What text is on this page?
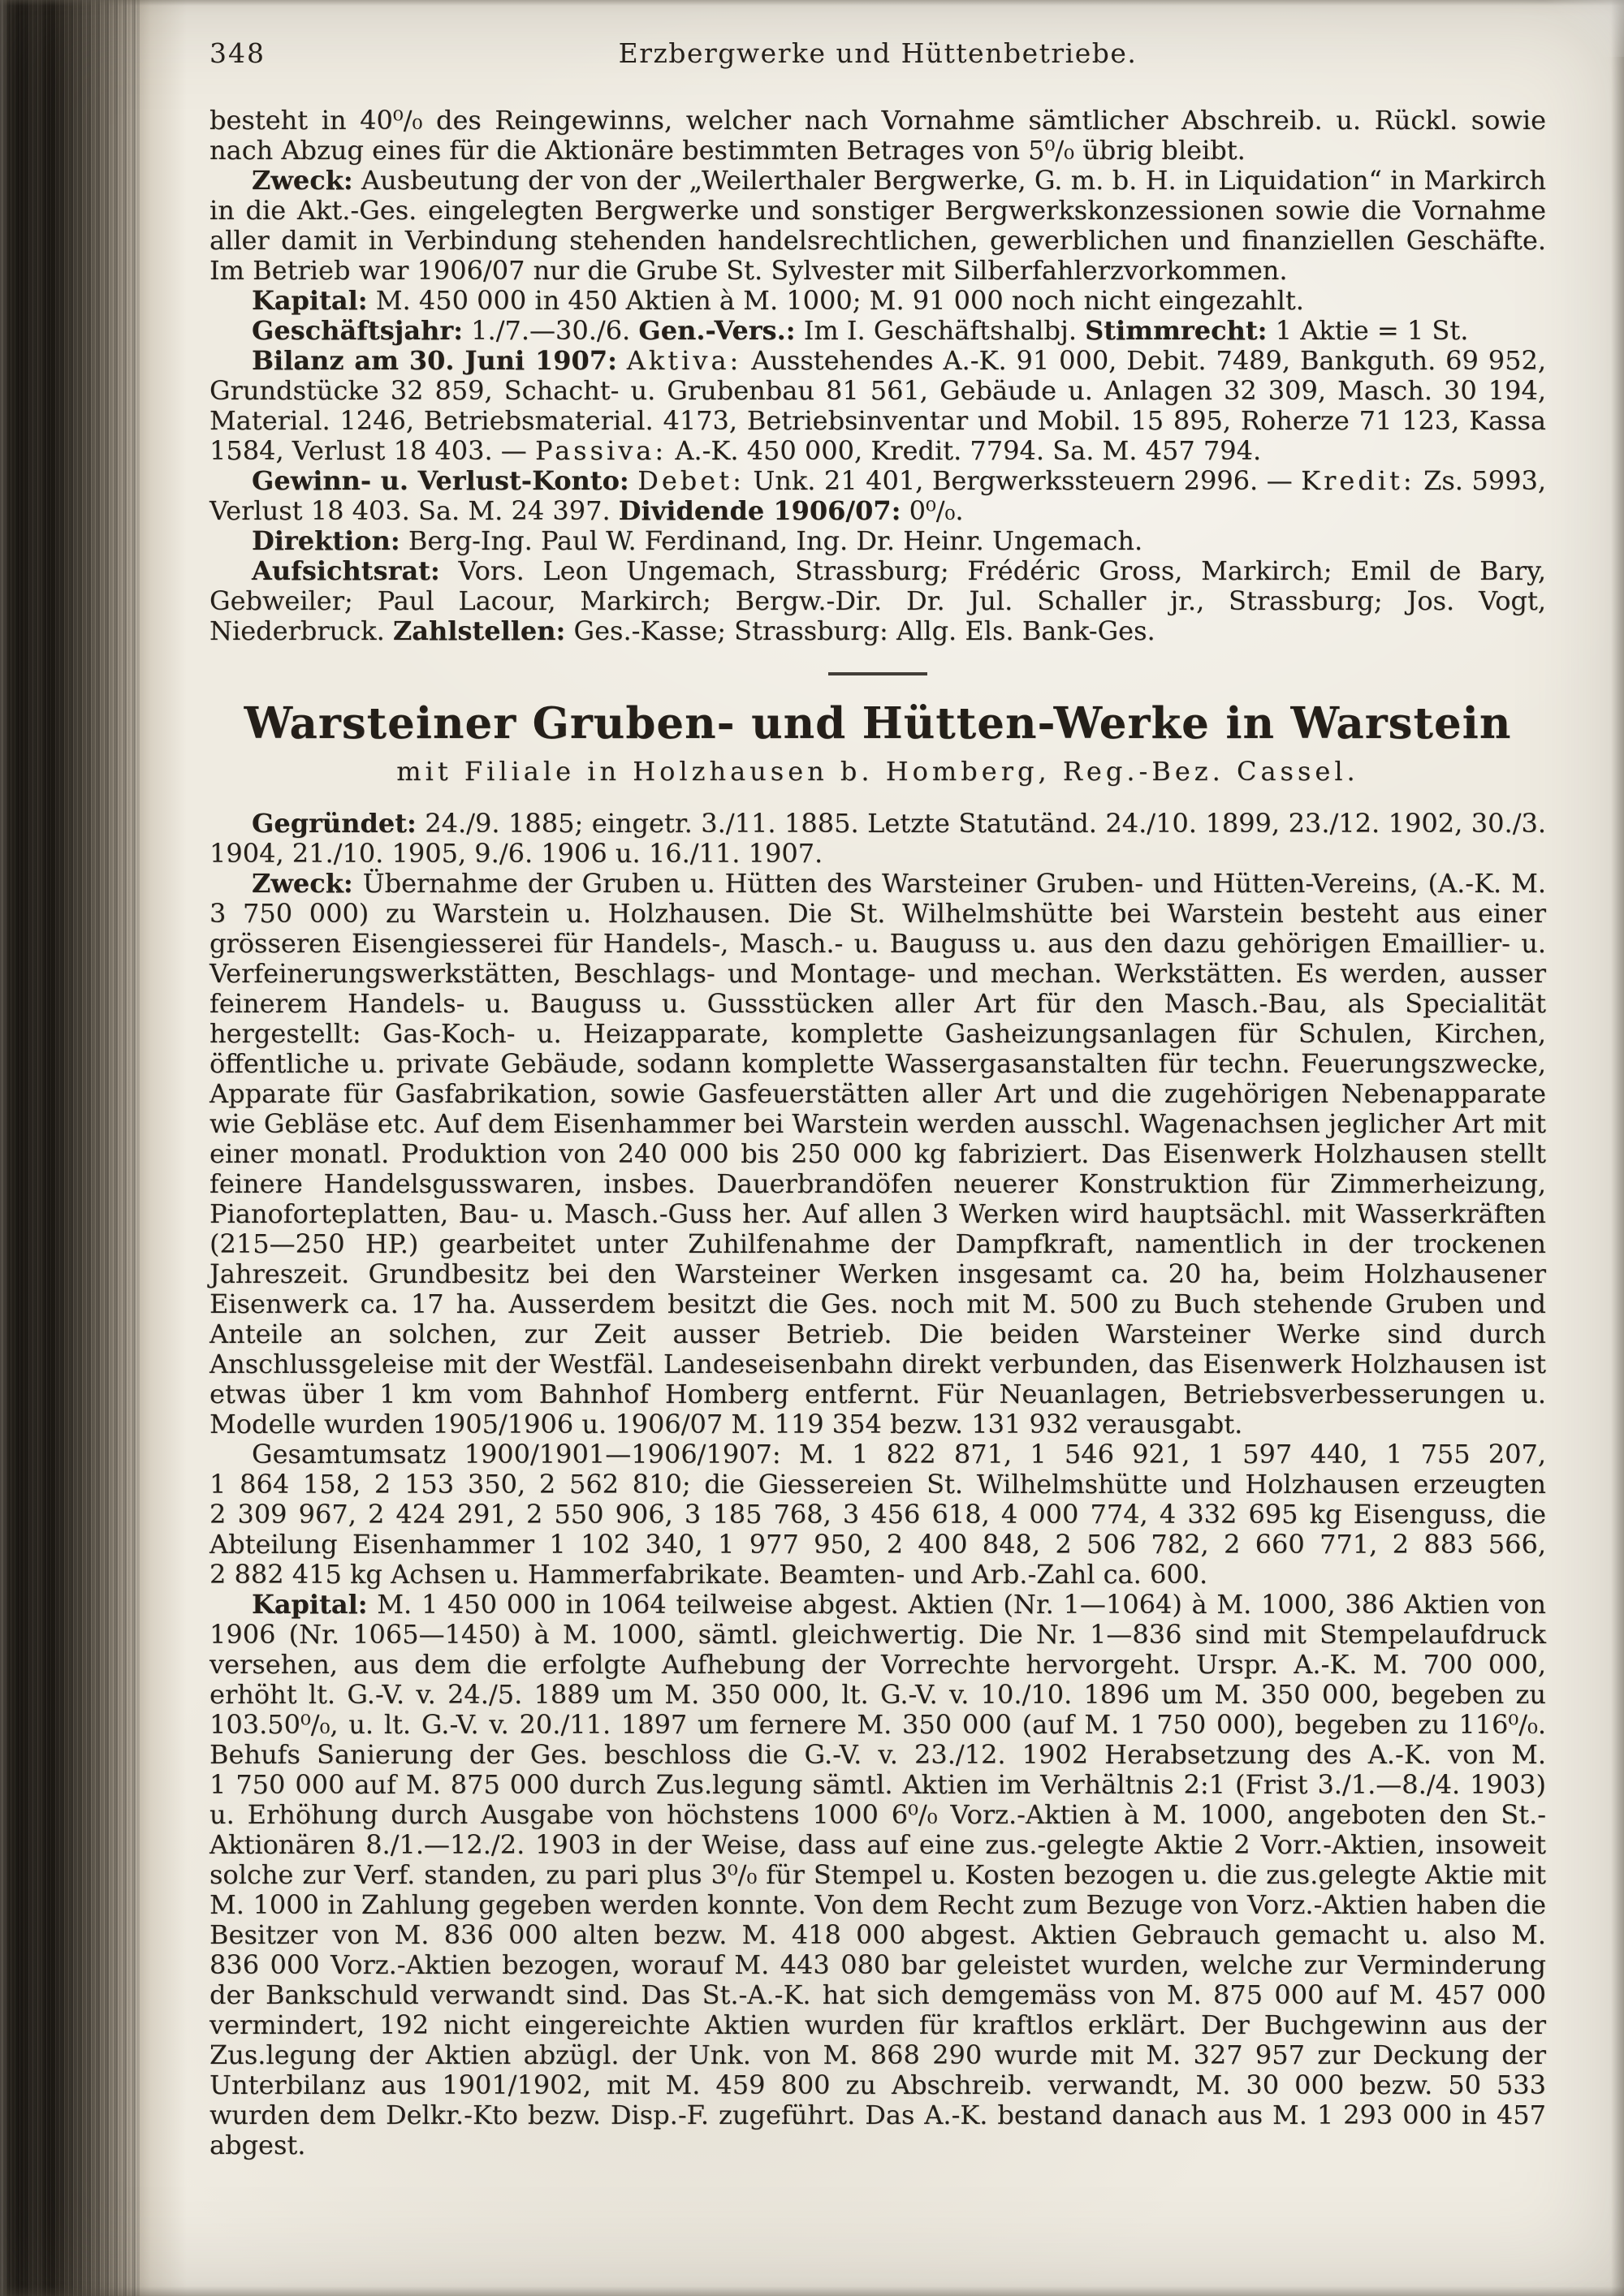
348	Erzbergwerke und Hüttenbetriebe.

besteht in 40⁰/₀ des Reingewinns, welcher nach Vornahme sämtlicher Abschreib. u. Rückl. sowie nach Abzug eines für die Aktionäre bestimmten Betrages von 5⁰/₀ übrig bleibt.

Zweck: Ausbeutung der von der „Weilerthaler Bergwerke, G. m. b. H. in Liquidation“ in Markirch in die Akt.-Ges. eingelegten Bergwerke und sonstiger Bergwerkskonzessionen sowie die Vornahme aller damit in Verbindung stehenden handelsrechtlichen, gewerblichen und finanziellen Geschäfte. Im Betrieb war 1906/07 nur die Grube St. Sylvester mit Silberfahlerzvorkommen.

Kapital: M. 450 000 in 450 Aktien à M. 1000; M. 91 000 noch nicht eingezahlt.

Geschäftsjahr: 1./7.—30./6. Gen.-Vers.: Im I. Geschäftshalbj. Stimmrecht: 1 Aktie = 1 St.

Bilanz am 30. Juni 1907: Aktiva: Ausstehendes A.-K. 91 000, Debit. 7489, Bankguth. 69 952, Grundstücke 32 859, Schacht- u. Grubenbau 81 561, Gebäude u. Anlagen 32 309, Masch. 30 194, Material. 1246, Betriebsmaterial. 4173, Betriebsinventar und Mobil. 15 895, Roherze 71 123, Kassa 1584, Verlust 18 403. — Passiva: A.-K. 450 000, Kredit. 7794. Sa. M. 457 794.

Gewinn- u. Verlust-Konto: Debet: Unk. 21 401, Bergwerkssteuern 2996. — Kredit: Zs. 5993, Verlust 18 403. Sa. M. 24 397. Dividende 1906/07: 0⁰/₀.

Direktion: Berg-Ing. Paul W. Ferdinand, Ing. Dr. Heinr. Ungemach.

Aufsichtsrat: Vors. Leon Ungemach, Strassburg; Frédéric Gross, Markirch; Emil de Bary, Gebweiler; Paul Lacour, Markirch; Bergw.-Dir. Dr. Jul. Schaller jr., Strassburg; Jos. Vogt, Niederbruck. Zahlstellen: Ges.-Kasse; Strassburg: Allg. Els. Bank-Ges.

Warsteiner Gruben- und Hütten-Werke in Warstein
mit Filiale in Holzhausen b. Homberg, Reg.-Bez. Cassel.

Gegründet: 24./9. 1885; eingetr. 3./11. 1885. Letzte Statutänd. 24./10. 1899, 23./12. 1902, 30./3. 1904, 21./10. 1905, 9./6. 1906 u. 16./11. 1907.

Zweck: Übernahme der Gruben u. Hütten des Warsteiner Gruben- und Hütten-Vereins, (A.-K. M. 3 750 000) zu Warstein u. Holzhausen. Die St. Wilhelmshütte bei Warstein besteht aus einer grösseren Eisengiesserei für Handels-, Masch.- u. Bauguss u. aus den dazu gehörigen Emaillier- u. Verfeinerungswerkstätten, Beschlags- und Montage- und mechan. Werkstätten. Es werden, ausser feinerem Handels- u. Bauguss u. Gussstücken aller Art für den Masch.-Bau, als Specialität hergestellt: Gas-Koch- u. Heizapparate, komplette Gasheizungsanlagen für Schulen, Kirchen, öffentliche u. private Gebäude, sodann komplette Wassergasanstalten für techn. Feuerungszwecke, Apparate für Gasfabrikation, sowie Gasfeuerstätten aller Art und die zugehörigen Nebenapparate wie Gebläse etc. Auf dem Eisenhammer bei Warstein werden ausschl. Wagenachsen jeglicher Art mit einer monatl. Produktion von 240 000 bis 250 000 kg fabriziert. Das Eisenwerk Holzhausen stellt feinere Handelsgusswaren, insbes. Dauerbrandöfen neuerer Konstruktion für Zimmerheizung, Pianoforteplatten, Bau- u. Masch.-Guss her. Auf allen 3 Werken wird hauptsächl. mit Wasserkräften (215—250 HP.) gearbeitet unter Zuhilfenahme der Dampfkraft, namentlich in der trockenen Jahreszeit. Grundbesitz bei den Warsteiner Werken insgesamt ca. 20 ha, beim Holzhausener Eisenwerk ca. 17 ha. Ausserdem besitzt die Ges. noch mit M. 500 zu Buch stehende Gruben und Anteile an solchen, zur Zeit ausser Betrieb. Die beiden Warsteiner Werke sind durch Anschlussgeleise mit der Westfäl. Landeseisenbahn direkt verbunden, das Eisenwerk Holzhausen ist etwas über 1 km vom Bahnhof Homberg entfernt. Für Neuanlagen, Betriebsverbesserungen u. Modelle wurden 1905/1906 u. 1906/07 M. 119 354 bezw. 131 932 verausgabt.

Gesamtumsatz 1900/1901—1906/1907: M. 1 822 871, 1 546 921, 1 597 440, 1 755 207, 1 864 158, 2 153 350, 2 562 810; die Giessereien St. Wilhelmshütte und Holzhausen erzeugten 2 309 967, 2 424 291, 2 550 906, 3 185 768, 3 456 618, 4 000 774, 4 332 695 kg Eisenguss, die Abteilung Eisenhammer 1 102 340, 1 977 950, 2 400 848, 2 506 782, 2 660 771, 2 883 566, 2 882 415 kg Achsen u. Hammerfabrikate. Beamten- und Arb.-Zahl ca. 600.

Kapital: M. 1 450 000 in 1064 teilweise abgest. Aktien (Nr. 1—1064) à M. 1000, 386 Aktien von 1906 (Nr. 1065—1450) à M. 1000, sämtl. gleichwertig. Die Nr. 1—836 sind mit Stempelaufdruck versehen, aus dem die erfolgte Aufhebung der Vorrechte hervorgeht. Urspr. A.-K. M. 700 000, erhöht lt. G.-V. v. 24./5. 1889 um M. 350 000, lt. G.-V. v. 10./10. 1896 um M. 350 000, begeben zu 103.50⁰/₀, u. lt. G.-V. v. 20./11. 1897 um fernere M. 350 000 (auf M. 1 750 000), begeben zu 116⁰/₀. Behufs Sanierung der Ges. beschloss die G.-V. v. 23./12. 1902 Herabsetzung des A.-K. von M. 1 750 000 auf M. 875 000 durch Zus.legung sämtl. Aktien im Verhältnis 2:1 (Frist 3./1.—8./4. 1903) u. Erhöhung durch Ausgabe von höchstens 1000 6⁰/₀ Vorz.-Aktien à M. 1000, angeboten den St.-Aktionären 8./1.—12./2. 1903 in der Weise, dass auf eine zus.-gelegte Aktie 2 Vorr.-Aktien, insoweit solche zur Verf. standen, zu pari plus 3⁰/₀ für Stempel u. Kosten bezogen u. die zus.gelegte Aktie mit M. 1000 in Zahlung gegeben werden konnte. Von dem Recht zum Bezuge von Vorz.-Aktien haben die Besitzer von M. 836 000 alten bezw. M. 418 000 abgest. Aktien Gebrauch gemacht u. also M. 836 000 Vorz.-Aktien bezogen, worauf M. 443 080 bar geleistet wurden, welche zur Verminderung der Bankschuld verwandt sind. Das St.-A.-K. hat sich demgemäss von M. 875 000 auf M. 457 000 vermindert, 192 nicht eingereichte Aktien wurden für kraftlos erklärt. Der Buchgewinn aus der Zus.legung der Aktien abzügl. der Unk. von M. 868 290 wurde mit M. 327 957 zur Deckung der Unterbilanz aus 1901/1902, mit M. 459 800 zu Abschreib. verwandt, M. 30 000 bezw. 50 533 wurden dem Delkr.-Kto bezw. Disp.-F. zugeführt. Das A.-K. bestand danach aus M. 1 293 000 in 457 abgest.
